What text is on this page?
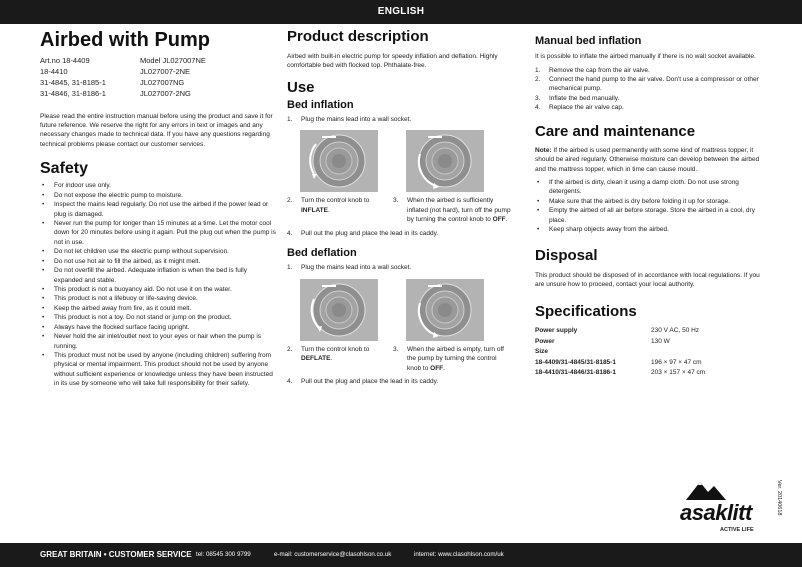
ENGLISH
Airbed with Pump
Art.no 18-4409	Model JL027007NE
18-4410	JL027007-2NE
31-4845, 31-8185-1	JL027007NG
31-4846, 31-8186-1	JL027007-2NG

Please read the entire instruction manual before using the product and save it for future reference. We reserve the right for any errors in text or images and any necessary changes made to technical data. If you have any questions regarding technical problems please contact our customer services.

Safety
• For indoor use only.
• Do not expose the electric pump to moisture.
• Inspect the mains lead regularly. Do not use the airbed if the power lead or plug is damaged.
• Never run the pump for longer than 15 minutes at a time. Let the motor cool down for 20 minutes before using it again. Pull the plug out when the pump is not in use.
• Do not let children use the electric pump without supervision.
• Do not use hot air to fill the airbed, as it might melt.
• Do not overfill the airbed. Adequate inflation is when the bed is fully expanded and stable.
• This product is not a buoyancy aid. Do not use it on the water.
• This product is not a lifebuoy or life-saving device.
• Keep the airbed away from fire, as it could melt.
• This product is not a toy. Do not stand or jump on the product.
• Always have the flocked surface facing upright.
• Never hold the air inlet/outlet next to your eyes or hair when the pump is running.
• This product must not be used by anyone (including children) suffering from physical or mental impairment. This product should not be used by anyone without sufficient experience or knowledge unless they have been instructed in its use by someone who will take full responsibility for their safety.
Product description

Airbed with built-in electric pump for speedy inflation and deflation. Highly comfortable bed with flocked top. Phthalate-free.

Use
Bed inflation
1. Plug the mains lead into a wall socket.
2. Turn the control knob to INFLATE.
3. When the airbed is sufficiently inflated (not hard), turn off the pump by turning the control knob to OFF.
4. Pull out the plug and place the lead in its caddy.
Bed deflation
1. Plug the mains lead into a wall socket.
2. Turn the control knob to DEFLATE.
3. When the airbed is empty, turn off the pump by turning the control knob to OFF.
4. Pull out the plug and place the lead in its caddy.
Manual bed inflation

It is possible to inflate the airbed manually if there is no wall socket available.

1. Remove the cap from the air valve.
2. Connect the hand pump to the air valve. Don't use a compressor or other mechanical pump.
3. Inflate the bed manually.
4. Replace the air valve cap.
Care and maintenance

Note: If the airbed is used permanently with some kind of mattress topper, it should be aired regularly. Otherwise moisture can develop between the airbed and the mattress topper, which in time can cause mould.

• If the airbed is dirty, clean it using a damp cloth. Do not use strong detergents.
• Make sure that the airbed is dry before folding it up for storage.
• Empty the airbed of all air before storage. Store the airbed in a cool, dry place.
• Keep sharp objects away from the airbed.
Disposal

This product should be disposed of in accordance with local regulations. If you are unsure how to proceed, contact your local authority.

Specifications
Power supply	230 V AC, 50 Hz
Power	130 W
Size	
18-4409/31-4845/31-8185-1	196 × 97 × 47 cm
18-4410/31-4846/31-8186-1	203 × 157 × 47 cm
asaklitt
ACTIVE LIFE
Ver. 20140618
GREAT BRITAIN • CUSTOMER SERVICE tel: 08545 300 9799	e-mail: customerservice@clasohlson.co.uk	internet: www.clasohlson.com/uk
